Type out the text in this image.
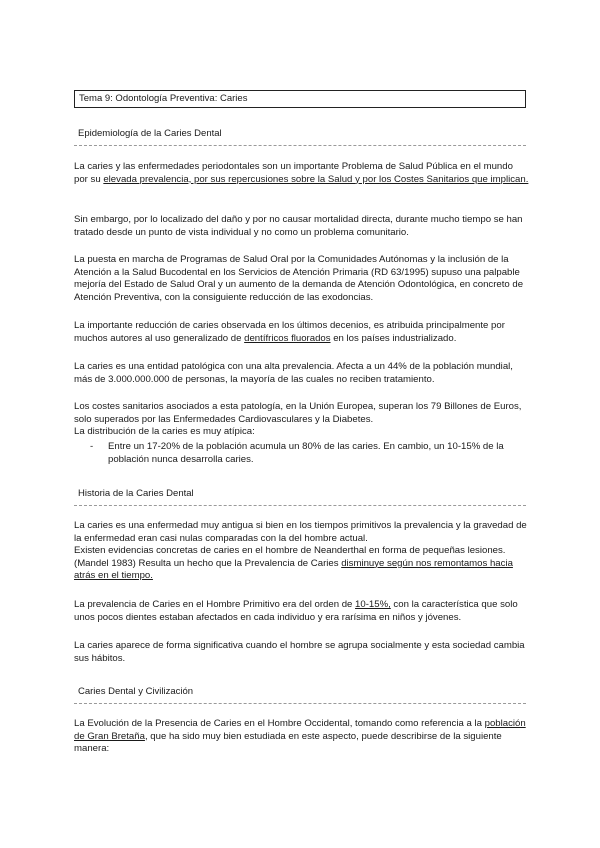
Tema 9: Odontología Preventiva: Caries
Epidemiología de la Caries Dental

La caries y las enfermedades periodontales son un importante Problema de Salud Pública en el mundo por su elevada prevalencia, por sus repercusiones sobre la Salud y por los Costes Sanitarios que implican.

Sin embargo, por lo localizado del daño y por no causar mortalidad directa, durante mucho tiempo se han tratado desde un punto de vista individual y no como un problema comunitario.

La puesta en marcha de Programas de Salud Oral por la Comunidades Autónomas y la inclusión de la Atención a la Salud Bucodental en los Servicios de Atención Primaria (RD 63/1995) supuso una palpable mejoría del Estado de Salud Oral y un aumento de la demanda de Atención Odontológica, en concreto de Atención Preventiva, con la consiguiente reducción de las exodoncias.

La importante reducción de caries observada en los últimos decenios, es atribuida principalmente por muchos autores al uso generalizado de dentífricos fluorados en los países industrializado.

La caries es una entidad patológica con una alta prevalencia. Afecta a un 44% de la población mundial, más de 3.000.000.000 de personas, la mayoría de las cuales no reciben tratamiento.

Los costes sanitarios asociados a esta patología, en la Unión Europea, superan los 79 Billones de Euros, solo superados por las Enfermedades Cardiovasculares y la Diabetes.

La distribución de la caries es muy atípica:

- Entre un 17-20% de la población acumula un 80% de las caries. En cambio, un 10-15% de la población nunca desarrolla caries.
Historia de la Caries Dental

La caries es una enfermedad muy antigua si bien en los tiempos primitivos la prevalencia y la gravedad de la enfermedad eran casi nulas comparadas con la del hombre actual.

Existen evidencias concretas de caries en el hombre de Neanderthal en forma de pequeñas lesiones. (Mandel 1983) Resulta un hecho que la Prevalencia de Caries disminuye según nos remontamos hacia atrás en el tiempo.

La prevalencia de Caries en el Hombre Primitivo era del orden de 10-15%, con la característica que solo unos pocos dientes estaban afectados en cada individuo y era rarísima en niños y jóvenes.

La caries aparece de forma significativa cuando el hombre se agrupa socialmente y esta sociedad cambia sus hábitos.

Caries Dental y Civilización

La Evolución de la Presencia de Caries en el Hombre Occidental, tomando como referencia a la población de Gran Bretaña, que ha sido muy bien estudiada en este aspecto, puede describirse de la siguiente manera:
